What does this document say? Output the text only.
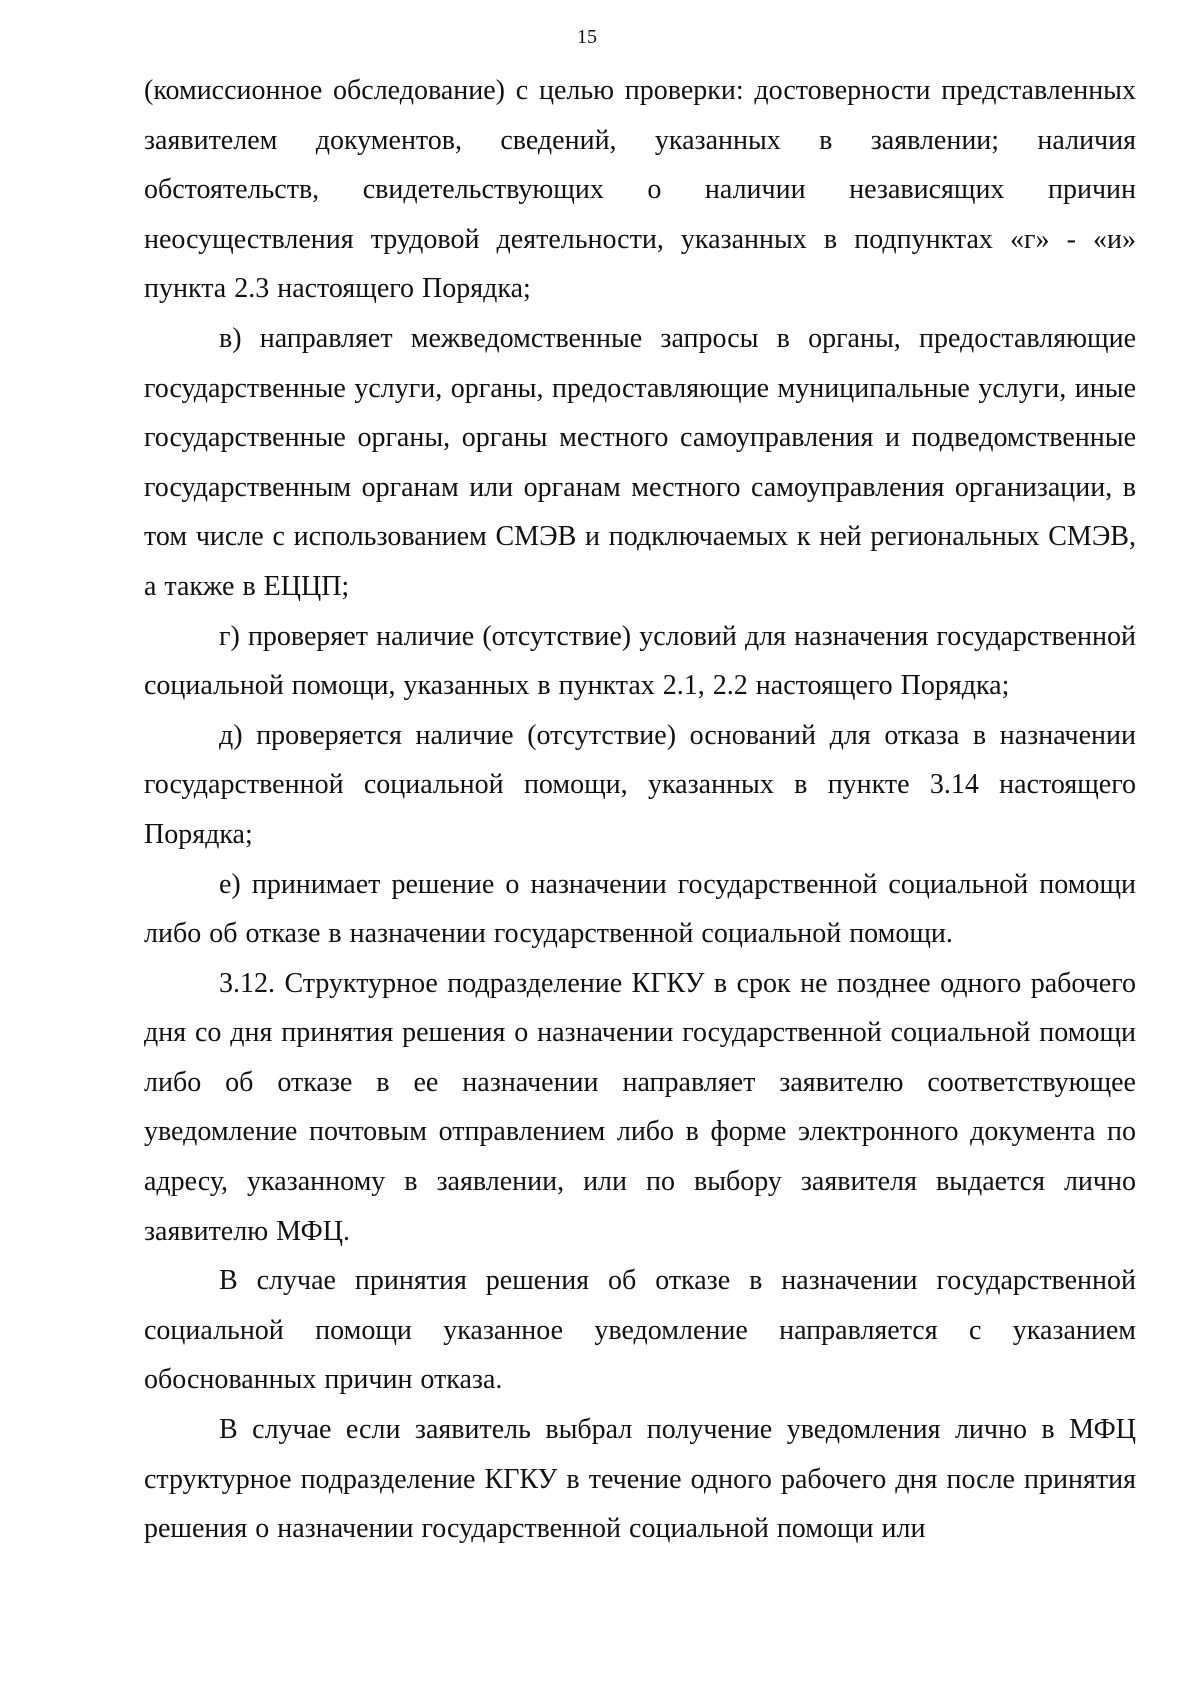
15

(комиссионное обследование) с целью проверки: достоверности представленных заявителем документов, сведений, указанных в заявлении; наличия обстоятельств, свидетельствующих о наличии независящих причин неосуществления трудовой деятельности, указанных в подпунктах «г» - «и» пункта 2.3 настоящего Порядка;

в) направляет межведомственные запросы в органы, предоставляющие государственные услуги, органы, предоставляющие муниципальные услуги, иные государственные органы, органы местного самоуправления и подведомственные государственным органам или органам местного самоуправления организации, в том числе с использованием СМЭВ и подключаемых к ней региональных СМЭВ, а также в ЕЦЦП;

г) проверяет наличие (отсутствие) условий для назначения государственной социальной помощи, указанных в пунктах 2.1, 2.2 настоящего Порядка;

д) проверяется наличие (отсутствие) оснований для отказа в назначении государственной социальной помощи, указанных в пункте 3.14 настоящего Порядка;

е) принимает решение о назначении государственной социальной помощи либо об отказе в назначении государственной социальной помощи.

3.12. Структурное подразделение КГКУ в срок не позднее одного рабочего дня со дня принятия решения о назначении государственной социальной помощи либо об отказе в ее назначении направляет заявителю соответствующее уведомление почтовым отправлением либо в форме электронного документа по адресу, указанному в заявлении, или по выбору заявителя выдается лично заявителю МФЦ.

В случае принятия решения об отказе в назначении государственной социальной помощи указанное уведомление направляется с указанием обоснованных причин отказа.

В случае если заявитель выбрал получение уведомления лично в МФЦ структурное подразделение КГКУ в течение одного рабочего дня после принятия решения о назначении государственной социальной помощи или
